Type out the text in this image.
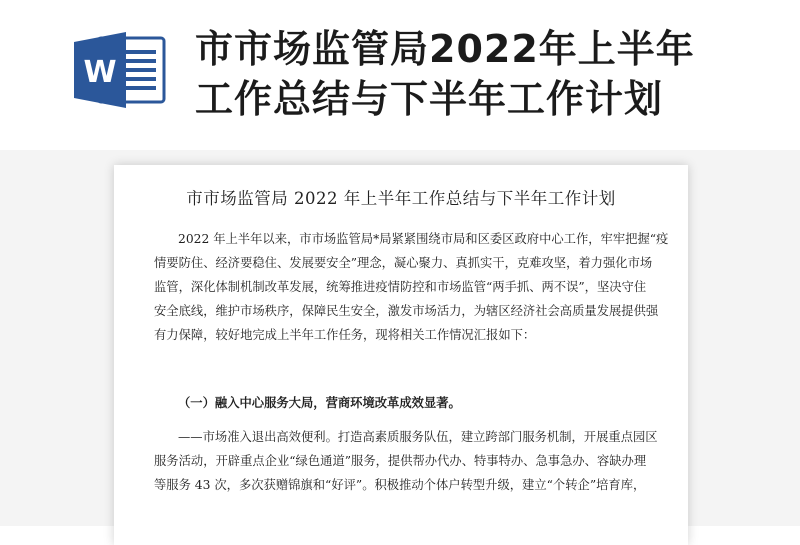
W
市市场监管局2022年上半年
工作总结与下半年工作计划
市市场监管局 2022 年上半年工作总结与下半年工作计划
2022 年上半年以来，市市场监管局*局紧紧围绕市局和区委区政府中心工作，牢牢把握“疫
情要防住、经济要稳住、发展要安全”理念，凝心聚力、真抓实干，克难攻坚，着力强化市场
监管，深化体制机制改革发展，统筹推进疫情防控和市场监管“两手抓、两不误”，坚决守住
安全底线，维护市场秩序，保障民生安全，激发市场活力，为辖区经济社会高质量发展提供强
有力保障，较好地完成上半年工作任务，现将相关工作情况汇报如下：
（一）融入中心服务大局，营商环境改革成效显著。
——市场准入退出高效便利。打造高素质服务队伍，建立跨部门服务机制，开展重点园区
服务活动，开辟重点企业“绿色通道”服务，提供帮办代办、特事特办、急事急办、容缺办理
等服务 43 次，多次获赠锦旗和“好评”。积极推动个体户转型升级，建立“个转企”培育库，
